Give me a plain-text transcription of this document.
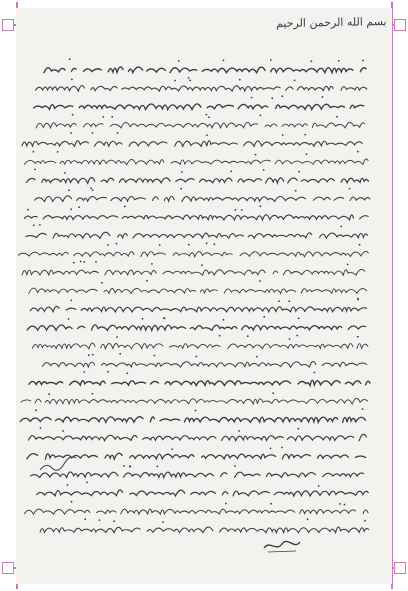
بسم الله الرحمن الرحیم
